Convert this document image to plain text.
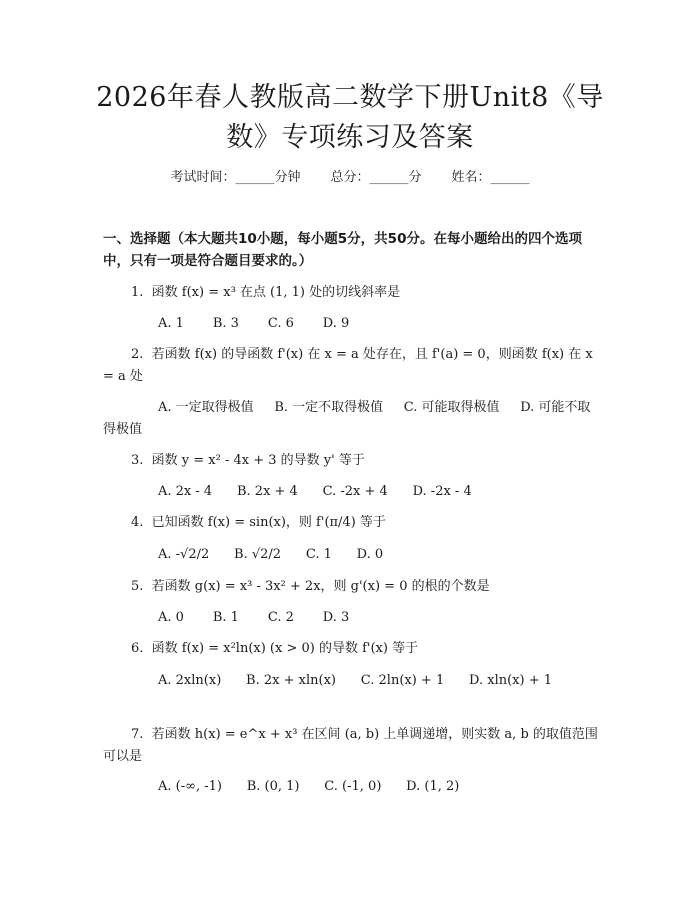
2026年春人教版高二数学下册Unit8《导数》专项练习及答案
考试时间：______分钟 总分：______分 姓名：______
一、选择题（本大题共10小题，每小题5分，共50分。在每小题给出的四个选项中，只有一项是符合题目要求的。）
1.  函数 f(x) = x³ 在点 (1, 1) 处的切线斜率是
A. 1       B. 3       C. 6       D. 9
2.  若函数 f(x) 的导函数 f'(x) 在 x = a 处存在，且 f'(a) = 0，则函数 f(x) 在 x = a 处
A. 一定取得极值     B. 一定不取得极值     C. 可能取得极值     D. 可能不取得极值
3.  函数 y = x² - 4x + 3 的导数 y' 等于
A. 2x - 4      B. 2x + 4      C. -2x + 4      D. -2x - 4
4.  已知函数 f(x) = sin(x)，则 f'(π/4) 等于
A. -√2/2      B. √2/2      C. 1      D. 0
5.  若函数 g(x) = x³ - 3x² + 2x，则 g'(x) = 0 的根的个数是
A. 0       B. 1       C. 2       D. 3
6.  函数 f(x) = x²ln(x) (x > 0) 的导数 f'(x) 等于
A. 2xln(x)      B. 2x + xln(x)      C. 2ln(x) + 1      D. xln(x) + 1
7.  若函数 h(x) = e^x + x³ 在区间 (a, b) 上单调递增，则实数 a, b 的取值范围可以是
A. (-∞, -1)      B. (0, 1)      C. (-1, 0)      D. (1, 2)
